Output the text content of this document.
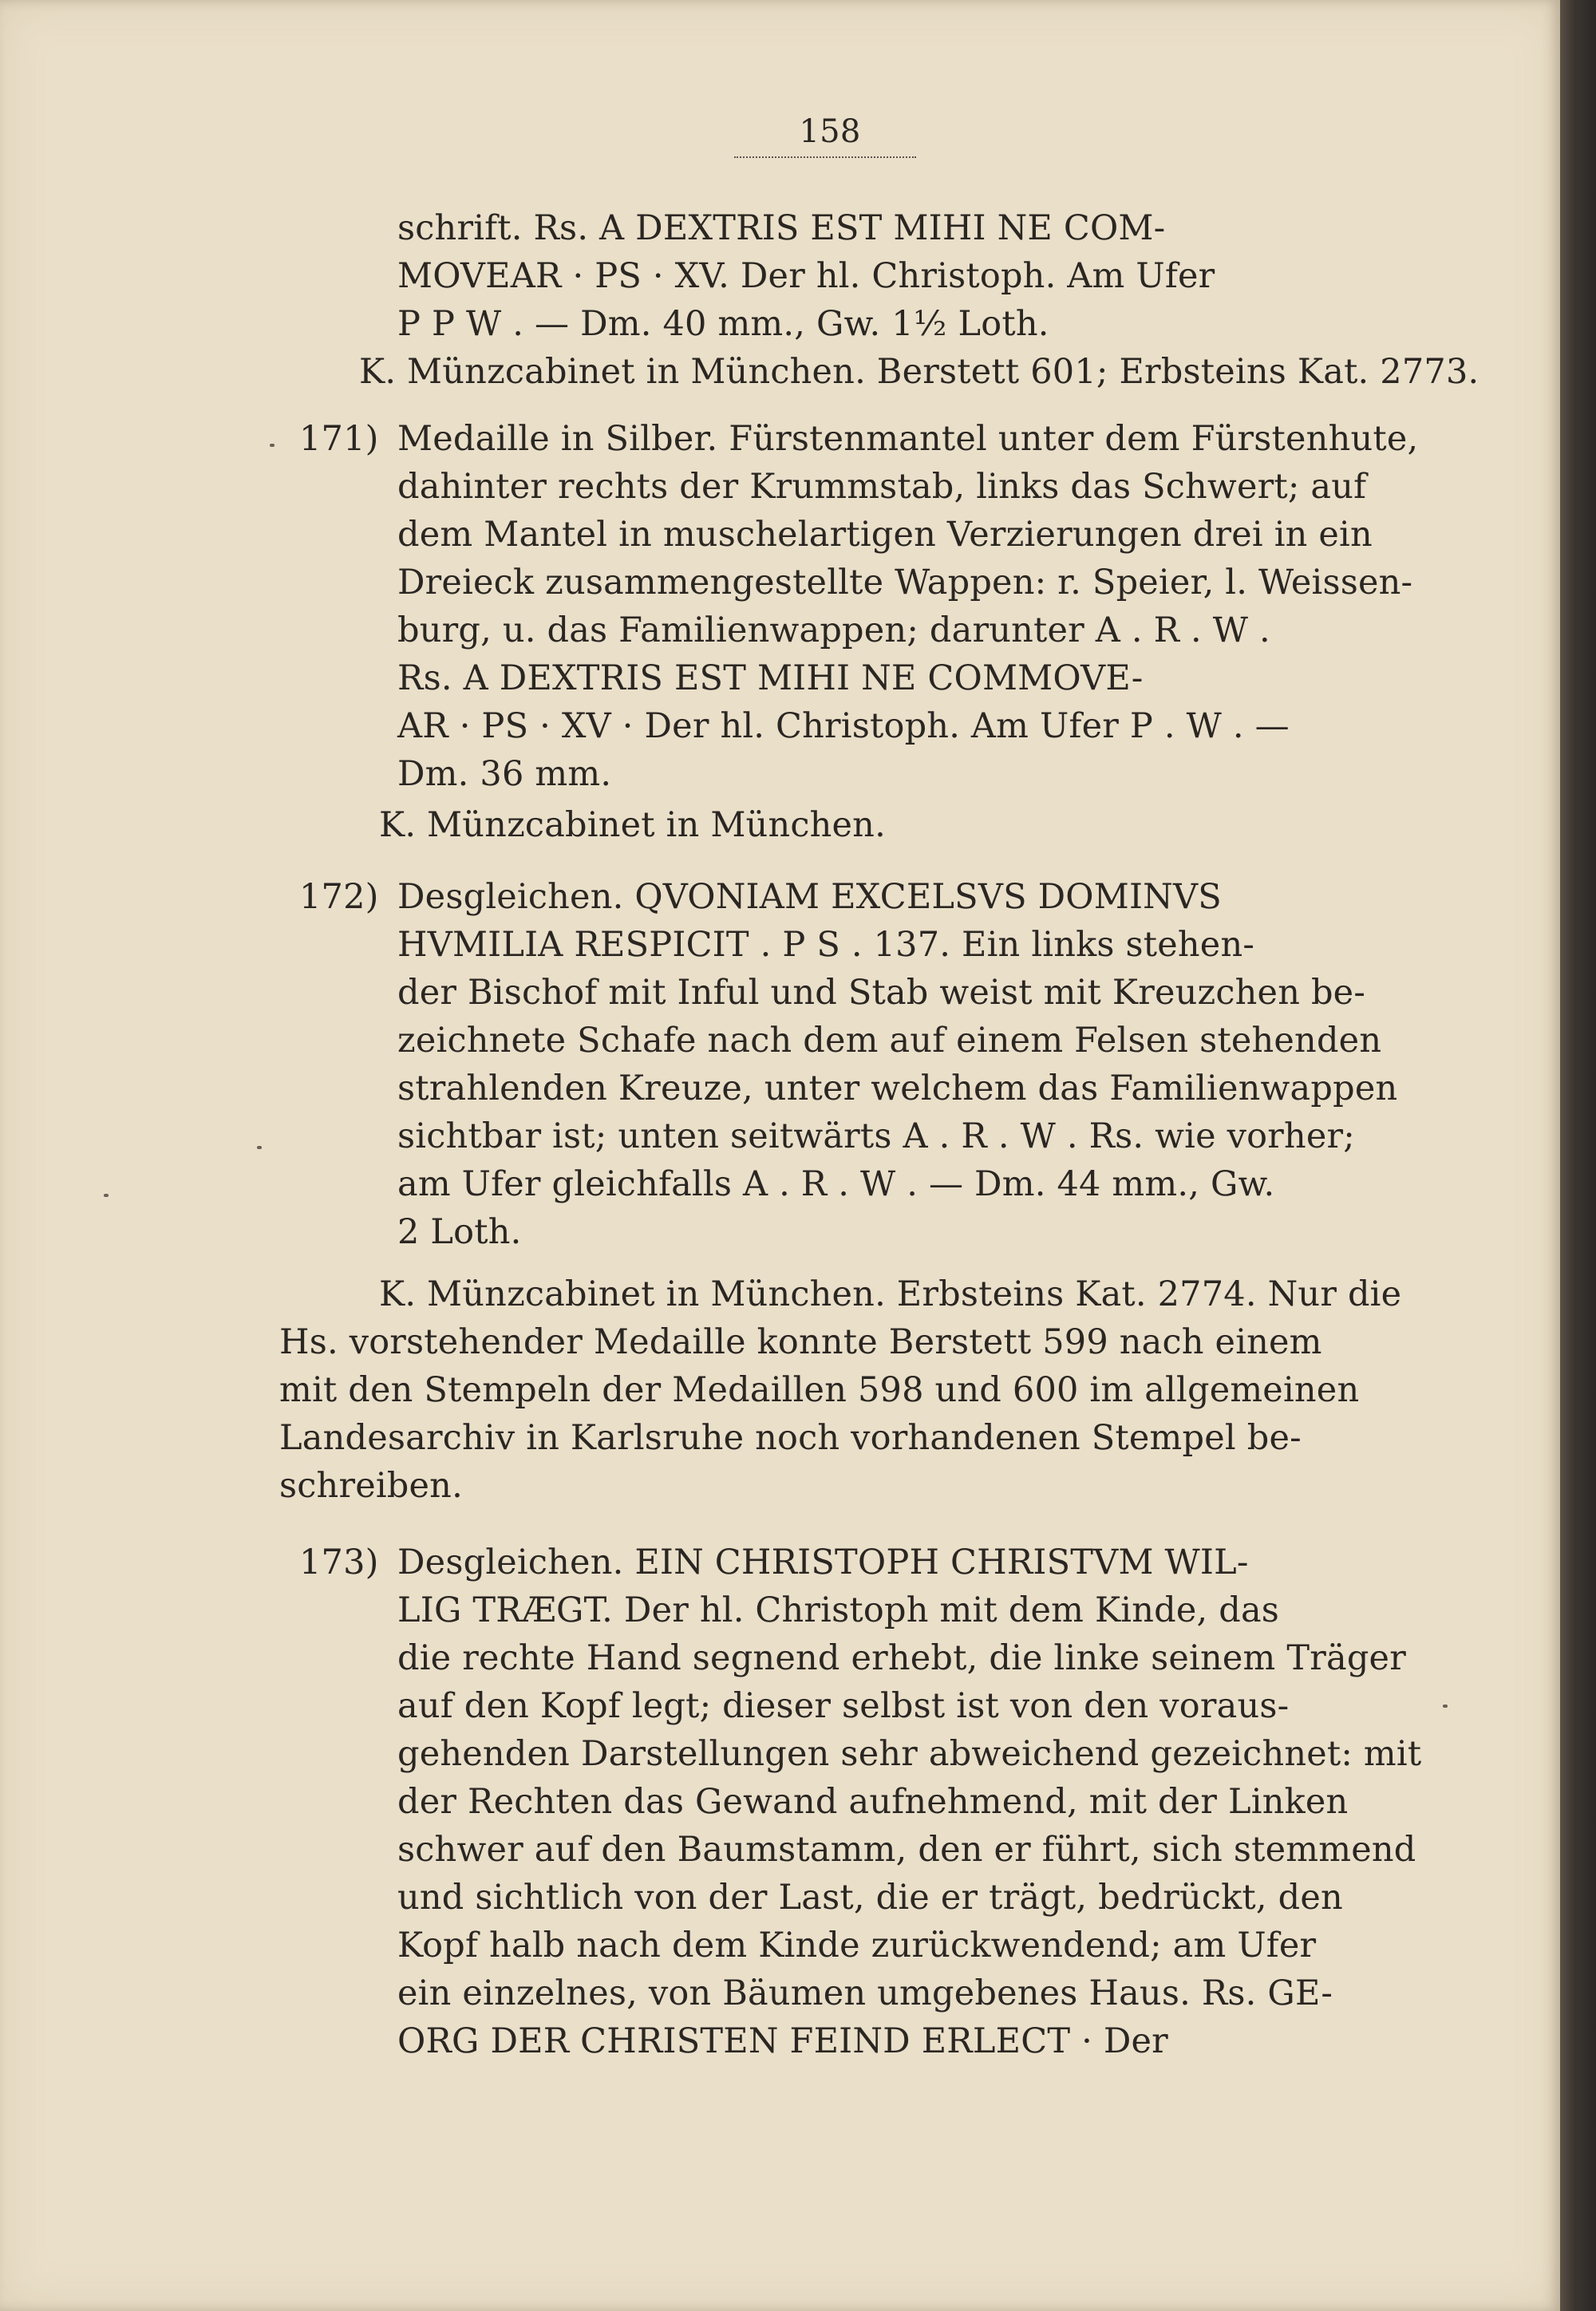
158
schrift. Rs. A DEXTRIS EST MIHI NE COM-
MOVEAR · PS · XV. Der hl. Christoph. Am Ufer
P P W . — Dm. 40 mm., Gw. 1½ Loth.
K. Münzcabinet in München. Berstett 601; Erbsteins Kat. 2773.
171) Medaille in Silber. Fürstenmantel unter dem Fürstenhute,
dahinter rechts der Krummstab, links das Schwert; auf
dem Mantel in muschelartigen Verzierungen drei in ein
Dreieck zusammengestellte Wappen: r. Speier, l. Weissen-
burg, u. das Familienwappen; darunter A . R . W .
Rs. A DEXTRIS EST MIHI NE COMMOVE-
AR · PS · XV · Der hl. Christoph. Am Ufer P . W . —
Dm. 36 mm.
K. Münzcabinet in München.
172) Desgleichen. QVONIAM EXCELSVS DOMINVS
HVMILIA RESPICIT . P S . 137. Ein links stehen-
der Bischof mit Inful und Stab weist mit Kreuzchen be-
zeichnete Schafe nach dem auf einem Felsen stehenden
strahlenden Kreuze, unter welchem das Familienwappen
sichtbar ist; unten seitwärts A . R . W . Rs. wie vorher;
am Ufer gleichfalls A . R . W . — Dm. 44 mm., Gw.
2 Loth.
K. Münzcabinet in München. Erbsteins Kat. 2774. Nur die
Hs. vorstehender Medaille konnte Berstett 599 nach einem
mit den Stempeln der Medaillen 598 und 600 im allgemeinen
Landesarchiv in Karlsruhe noch vorhandenen Stempel be-
schreiben.
173) Desgleichen. EIN CHRISTOPH CHRISTVM WIL-
LIG TRÆGT. Der hl. Christoph mit dem Kinde, das
die rechte Hand segnend erhebt, die linke seinem Träger
auf den Kopf legt; dieser selbst ist von den voraus-
gehenden Darstellungen sehr abweichend gezeichnet: mit
der Rechten das Gewand aufnehmend, mit der Linken
schwer auf den Baumstamm, den er führt, sich stemmend
und sichtlich von der Last, die er trägt, bedrückt, den
Kopf halb nach dem Kinde zurückwendend; am Ufer
ein einzelnes, von Bäumen umgebenes Haus. Rs. GE-
ORG DER CHRISTEN FEIND ERLECT · Der
